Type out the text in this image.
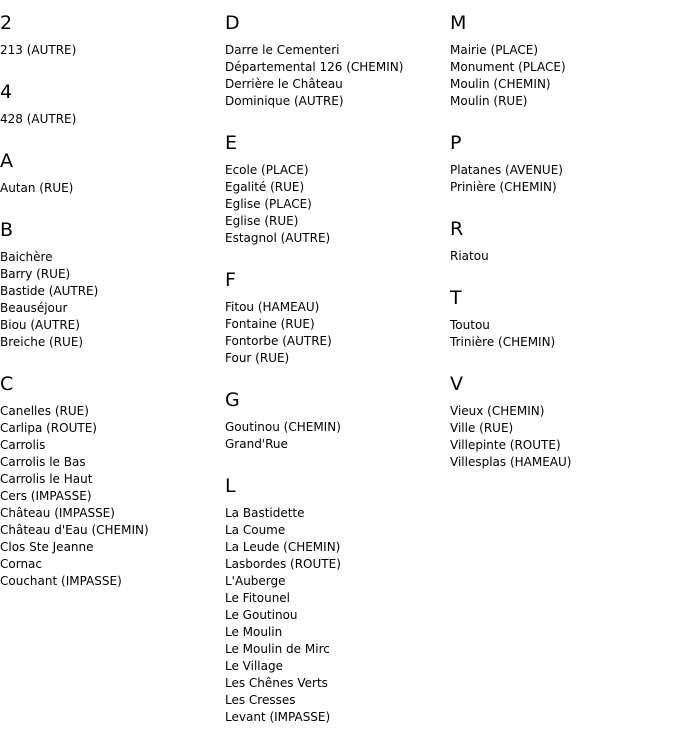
2
213 (AUTRE)
4
428 (AUTRE)
A
Autan (RUE)
B
Baichère
Barry (RUE)
Bastide (AUTRE)
Beauséjour
Biou (AUTRE)
Breiche (RUE)
C
Canelles (RUE)
Carlipa (ROUTE)
Carrolis
Carrolis le Bas
Carrolis le Haut
Cers (IMPASSE)
Château (IMPASSE)
Château d'Eau (CHEMIN)
Clos Ste Jeanne
Cornac
Couchant (IMPASSE)
D
Darre le Cementeri
Départemental 126 (CHEMIN)
Derrière le Château
Dominique (AUTRE)
E
Ecole (PLACE)
Egalité (RUE)
Eglise (PLACE)
Eglise (RUE)
Estagnol (AUTRE)
F
Fitou (HAMEAU)
Fontaine (RUE)
Fontorbe (AUTRE)
Four (RUE)
G
Goutinou (CHEMIN)
Grand'Rue
L
La Bastidette
La Coume
La Leude (CHEMIN)
Lasbordes (ROUTE)
L'Auberge
Le Fitounel
Le Goutinou
Le Moulin
Le Moulin de Mirc
Le Village
Les Chênes Verts
Les Cresses
Levant (IMPASSE)
M
Mairie (PLACE)
Monument (PLACE)
Moulin (CHEMIN)
Moulin (RUE)
P
Platanes (AVENUE)
Prinière (CHEMIN)
R
Riatou
T
Toutou
Trinière (CHEMIN)
V
Vieux (CHEMIN)
Ville (RUE)
Villepinte (ROUTE)
Villesplas (HAMEAU)
